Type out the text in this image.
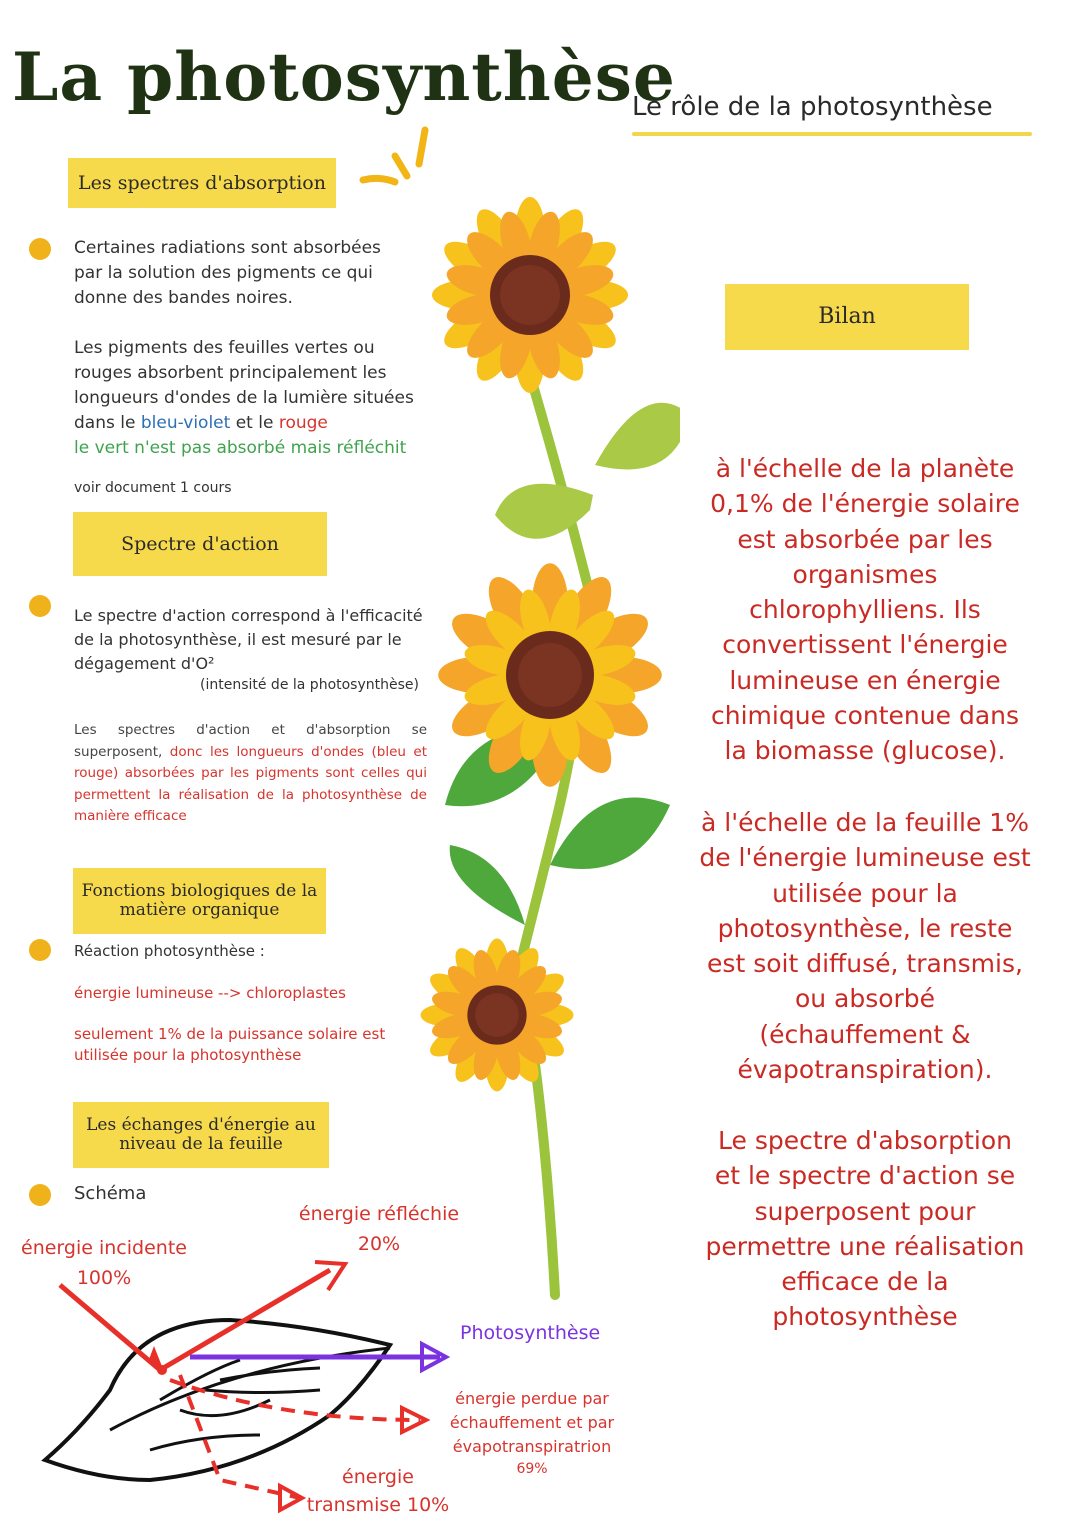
La photosynthèse
Le rôle de la photosynthèse
Les spectres d'absorption
Certaines radiations sont absorbées
par la solution des pigments ce qui
donne des bandes noires.
Les pigments des feuilles vertes ou
rouges absorbent principalement les
longueurs d'ondes de la lumière situées
dans le bleu-violet et le rouge
le vert n'est pas absorbé mais réfléchit
voir document 1 cours
Spectre d'action
Le spectre d'action correspond à l'efficacité
de la photosynthèse, il est mesuré par le
dégagement d'O²
(intensité de la photosynthèse)
Les spectres d'action et d'absorption se superposent, donc les longueurs d'ondes (bleu et rouge) absorbées par les pigments sont celles qui permettent la réalisation de la photosynthèse de manière efficace
Fonctions biologiques de la
matière organique
Réaction photosynthèse :
énergie lumineuse --> chloroplastes
seulement 1% de la puissance solaire est
utilisée pour la photosynthèse
Les échanges d'énergie au
niveau de la feuille
Schéma
énergie incidente
100%
énergie réfléchie
20%
Photosynthèse
énergie perdue par
échauffement et par
évapotranspiratrion
69%
énergie
transmise 10%
Bilan
à l'échelle de la planète
0,1% de l'énergie solaire
est absorbée par les
organismes
chlorophylliens. Ils
convertissent l'énergie
lumineuse en énergie
chimique contenue dans
la biomasse (glucose).
à l'échelle de la feuille 1%
de l'énergie lumineuse est
utilisée pour la
photosynthèse, le reste
est soit diffusé, transmis,
ou absorbé
(échauffement &
évapotranspiration).
Le spectre d'absorption
et le spectre d'action se
superposent pour
permettre une réalisation
efficace de la
photosynthèse
